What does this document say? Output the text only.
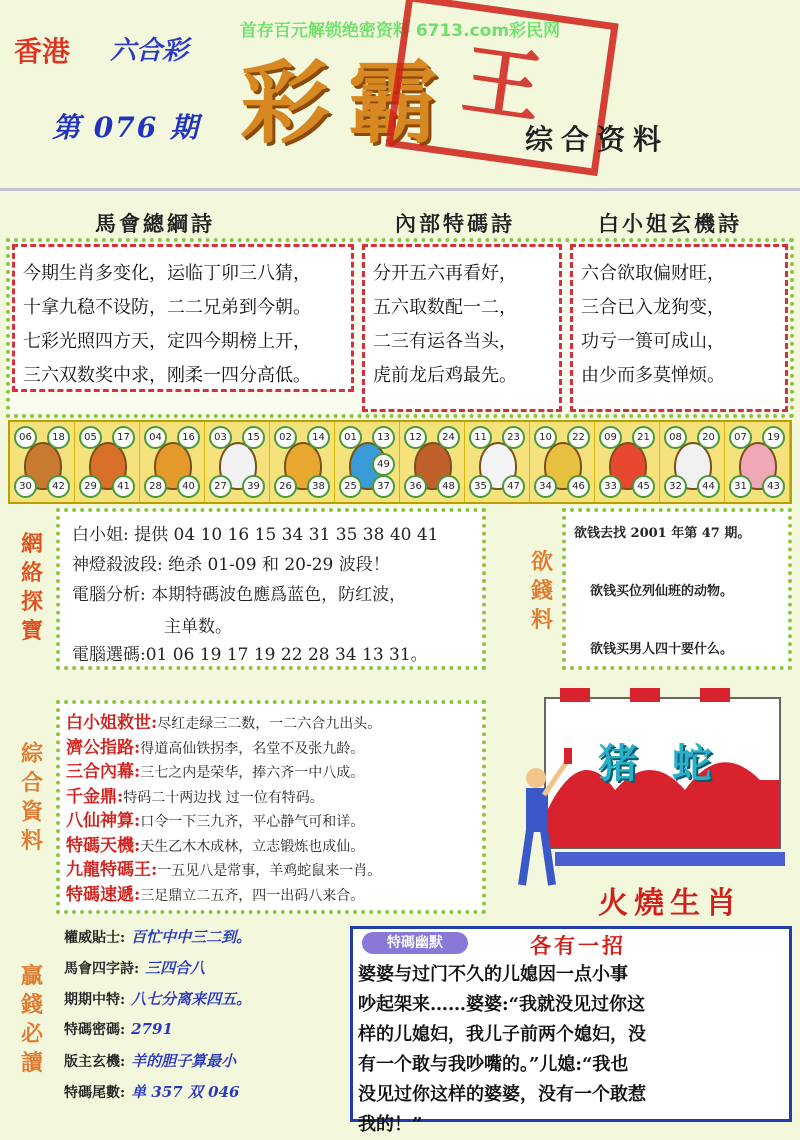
首存百元解锁绝密资料 6713.com彩民网
香港 六合彩
第 076 期 彩霸 王
综合资料
馬會總綱詩	內部特碼詩	白小姐玄機詩
今期生肖多变化，运临丁卯三八猜，
十拿九稳不设防，二二兄弟到今朝。
七彩光照四方天，定四今期榜上开，
三六双数奖中求，刚柔一四分高低。
分开五六再看好，
五六取数配一二，
二三有运各当头，
虎前龙后鸡最先。
六合欲取偏财旺，
三合已入龙狗变，
功亏一篑可成山，
由少而多莫惮烦。
06	18
30	42
05	17
29	41
04	16
28	40
03	15
27	39
02	14
26	38
01	13
25	37
49
12	24
36	48
11	23
35	47
10	22
34	46
09	21
33	45
08	20
32	44
07	19
31	43
網絡探寶
白小姐: 提供 04 10 16 15 34 31 35 38 40 41
神燈殺波段: 绝杀 01-09 和 20-29 波段！
電腦分析: 本期特碼波色應爲蓝色，防红波，
主单数。
電腦選碼:01 06 19 17 19 22 28 34 13 31。
欲錢料
欲钱去找 2001 年第 47 期。
欲钱买位列仙班的动物。
欲钱买男人四十要什么。
綜合資料
白小姐救世:尽红走绿三二数，一二六合九出头。
濟公指路:得道高仙铁拐李，名堂不及张九龄。
三合內幕:三七之内是荣华，捧六齐一中八成。
千金鼎:特码二十两边找 过一位有特码。
八仙神算:口令一下三九齐，平心静气可和详。
特碼天機:天生乙木木成林，立志锻炼也成仙。
九龍特碼王:一五见八是常事，羊鸡蛇鼠来一肖。
特碼速遞:三足鼎立二五齐，四一出码八来合。
猪 蛇
火燒生肖
贏錢必讀
權威貼士: 百忙中中三二到。
馬會四字詩: 三四合八
期期中特: 八七分离来四五。
特碼密碼: 2791
版主玄機: 羊的胆子算最小
特碼尾數: 单 357 双 046
特碼幽默	各有一招
婆婆与过门不久的儿媳因一点小事
吵起架来……婆婆:“我就没见过你这
样的儿媳妇，我儿子前两个媳妇，没
有一个敢与我吵嘴的。”儿媳:“我也
没见过你这样的婆婆，没有一个敢惹
我的！”
